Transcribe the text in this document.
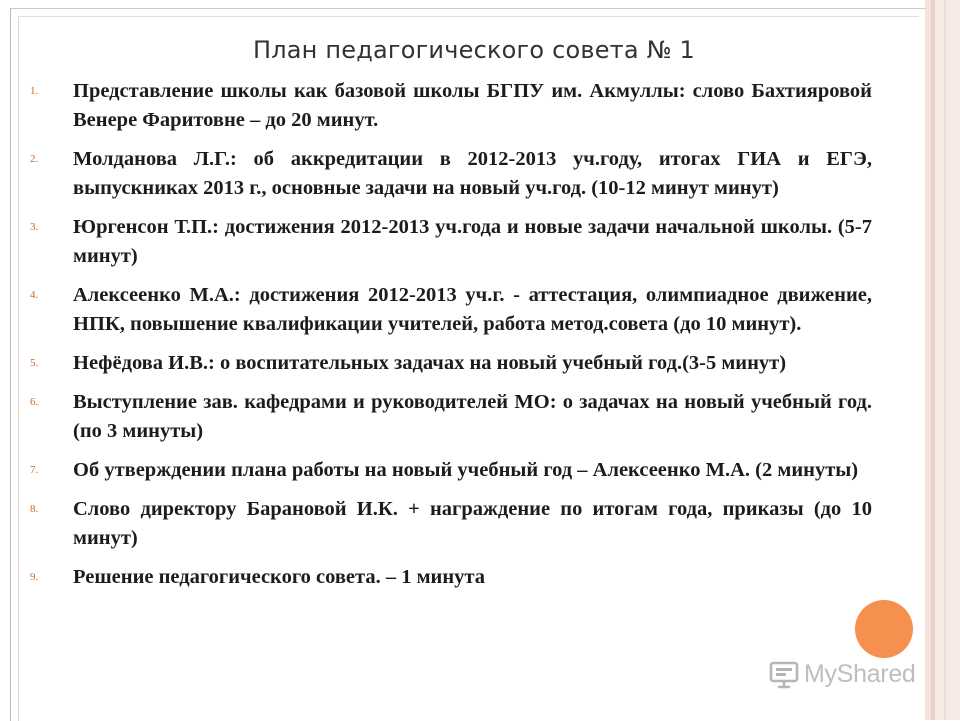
План педагогического совета № 1
1.	Представление школы как базовой школы БГПУ им. Акмуллы: слово Бахтияровой Венере Фаритовне – до 20 минут.
2.	Молданова Л.Г.: об аккредитации в 2012-2013 уч.году, итогах ГИА и ЕГЭ, выпускниках 2013 г., основные задачи на новый уч.год. (10-12 минут минут)
3.	Юргенсон Т.П.: достижения 2012-2013 уч.года и новые задачи начальной школы. (5-7 минут)
4.	Алексеенко М.А.: достижения 2012-2013 уч.г. - аттестация, олимпиадное движение, НПК, повышение квалификации учителей, работа метод.совета (до 10 минут).
5.	Нефёдова И.В.: о воспитательных задачах на новый учебный год.(3-5 минут)
6.	Выступление зав. кафедрами и руководителей МО: о задачах на новый учебный год. (по 3 минуты)
7.	Об утверждении плана работы на новый учебный год – Алексеенко М.А. (2 минуты)
8.	Слово директору Барановой И.К. + награждение по итогам года, приказы (до 10 минут)
9.	Решение педагогического совета. – 1 минута
MyShared
